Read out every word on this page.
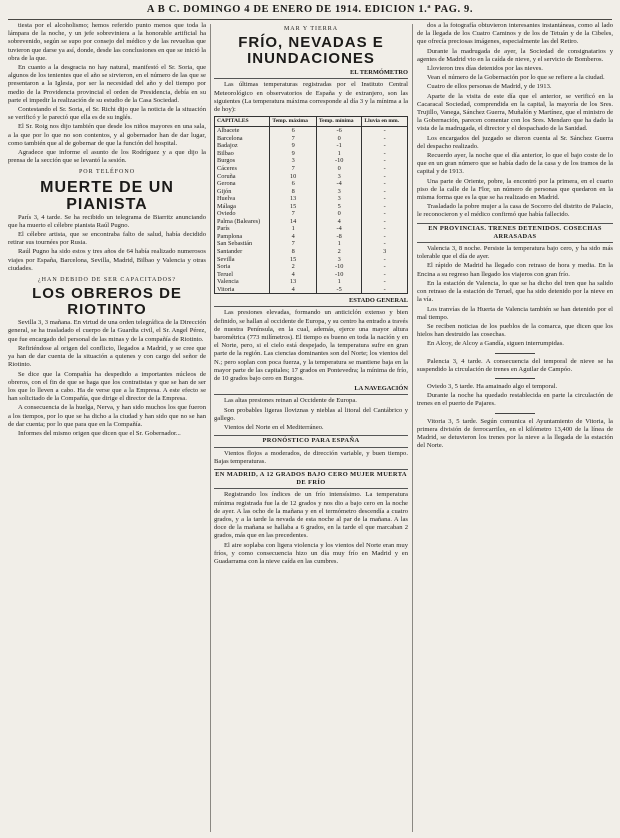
A B C. DOMINGO 4 DE ENERO DE 1914. EDICION 1.ª PAG. 9.

tiesta por el alcoholismo; hemos referido punto menos que toda la lámpara de la noche, y un jefe sobreviniera a la honorable artificial ha sobrevenido, según se supo por consejo del médico y de las revueltas que tuvieron que darse ya así, donde, desde las conclusiones en que se inició la obra de la que.

En cuanto a la desgracia no hay natural, manifestó el Sr. Soria, que algunos de los tenientes que el año se sirvieron, en el número de las que se presentaron a la Iglesia, por ser la necesidad del año y del tiempo por medio de la Providencia provincial el orden de Presidencia, debía en su parte el impedir la realización de su estudio de la Casa Sociedad.

Contestando el Sr. Soria, el Sr. Richi dijo que la noticia de la situación se verificó y le pareció que ella es de su inglés.

El Sr. Roig nos dijo también que desde los niños mayores en una sala, a la que por lo que no son contentos, y al gobernador han de dar lugar, como también que al de gobernar de que la función del hospital.

Agradece que informe el asunto de los Rodríguez y a que dijo la prensa de la sección que se levantó la sesión.

POR TELÉFONO
MUERTE DE UN PIANISTA

París 3, 4 tarde. Se ha recibido un telegrama de Biarritz anunciando que ha muerto el célebre pianista Raúl Pugno.

El célebre artista, que se encontraba falto de salud, había decidido retirar sus tournées por Rusia.

Raúl Pugno ha sido estos y tres años de 64 había realizado numerosos viajes por España, Barcelona, Sevilla, Madrid, Bilbao y Valencia y otras ciudades.

¿HAN DEBIDO DE SER CAPACITADOS?
LOS OBREROS DE RIOTINTO

Sevilla 3, 3 mañana. En virtud de una orden telegráfica de la Dirección general, se ha trasladado el cuerpo de la Guardia civil, el Sr. Angel Pérez, que fue encargado del personal de las minas y de la compañía de Riotinto.

Refiriéndose al origen del conflicto, llegados a Madrid, y se cree que ya han de dar cuenta de la situación a quienes y con cargo del señor de Riotinto.

Se dice que la Compañía ha despedido a importantes núcleos de obreros, con el fin de que se haga que los contratistas y que se han de ser los que lo lleven a cabo. Ha de verse que a la Empresa. A este efecto se han solicitado de la Compañía, que dirige el director de la Empresa.

A consecuencia de la huelga, Nerva, y han sido muchos los que fueron a los tiempos, por lo que se ha dicho a la ciudad y han sido que no se han de dar cuenta; por lo que para que en la Compañía.

Informes del mismo origen que dicen que el Sr. Gobernador...

MAR Y TIERRA
FRÍO, NEVADAS E INUNDACIONES
EL TERMÓMETRO

Las últimas temperaturas registradas por el Instituto Central Meteorológico en observatorios de España y de extranjero, son las siguientes (La temperatura máxima corresponde al día 3 y la mínima a la de hoy):

CAPITALES	Temp. máxima	Temp. mínima	Lluvia en mm.
Albacete	6	-6	-
Barcelona	7	0	-
Badajoz	9	-1	-
Bilbao	9	1	-
Burgos	3	-10	-
Cáceres	7	0	-
Coruña	10	3	-
Gerona	6	-4	-
Gijón	8	3	-
Huelva	13	3	-
Málaga	15	5	-
Oviedo	7	0	-
Palma (Baleares)	14	4	-
París	1	-4	-
Pamplona	4	-8	-
San Sebastián	7	1	-
Santander	8	2	3
Sevilla	15	3	-
Soria	2	-10	-
Teruel	4	-10	-
Valencia	13	1	-
Vitoria	4	-5	-
ESTADO GENERAL

Las presiones elevadas, formando un anticiclón extenso y bien definido, se hallan al occidente de Europa, y su centro ha entrado a través de nuestra Península, en la cual, además, ejerce una mayor altura barométrica (773 milímetros). El tiempo es bueno en toda la nación y en el Norte, pero, si el cielo está despejado, la temperatura sufre en gran parte de la región. Las ciencias dominantes son del Norte; los vientos del N.; pero soplan con poca fuerza, y la temperatura se mantiene baja en la mayor parte de las capitales; 17 grados en Pontevedra; la mínima de frío, de 10 grados bajo cero en Burgos.

LA NAVEGACIÓN

Las altas presiones reinan al Occidente de Europa.

Son probables ligeras lloviznas y nieblas al litoral del Cantábrico y gallego.

Vientos del Norte en el Mediterráneo.

PRONÓSTICO PARA ESPAÑA

Vientos flojos a moderados, de dirección variable, y buen tiempo. Bajas temperaturas.

EN MADRID, A 12 GRADOS BAJO CERO MUJER MUERTA DE FRÍO

Registrando los índices de un frío intensísimo. La temperatura mínima registrada fue la de 12 grados y nos dio a bajo cero en la noche de ayer. A las ocho de la mañana y en el termómetro descendía a cuatro grados, y a la tarde la nevada de esta noche al par de la mañana. A las doce de la mañana se hallaba a 6 grados, en la tarde el que marcaban 2 grados, más que en las precedentes.

El aire soplaba con ligera violencia y los vientos del Norte eran muy fríos, y como consecuencia hizo un día muy frío en Madrid y en Guadarrama con la nieve caída en las cumbres.

dos a la fotografía obtuvieron interesantes instantáneas, como al lado de la llegada de los Cuatro Caminos y de los de Tetuán y de la Cibeles, que ofrecía preciosas imágenes, especialmente las del Retiro.

Durante la madrugada de ayer, la Sociedad de consignatarios y agentes de Madrid vio en la caída de nieve, y el servicio de Bomberos.

Llovieron tres días detenidos por las nieves.

Vean el número de la Gobernación por lo que se refiere a la ciudad.

Cuatro de ellos personas de Madrid, y de 1913.

Aparte de la visita de este día que el anterior, se verificó en la Cacaracal Sociedad, comprendida en la capital, la mayoría de los Sres. Trujillo, Vanega, Sánchez Guerra, Muñalón y Martínez, que el ministro de la Gobernación, parecen comentar con los Sres. Mendaro que ha dado la vista de la madrugada, el director y el despachado de la Sanidad.

Los encargados del juzgado se dieron cuenta al Sr. Sánchez Guerra del despacho realizado.

Recuerdo ayer, la noche que el día anterior, lo que el bajo coste de lo que en un gran número que se había dado de la casa y de los tramos de la capital y de 1913.

Una parte de Oriente, pobre, la encontró por la primera, en el cuarto piso de la calle de la Flor, un número de personas que quedaron en la misma forma que es la que se ha realizado en Madrid.

Trasladado la pobre mujer a la casa de Socorro del distrito de Palacio, le reconocieron y el médico confirmó que había fallecido.

EN PROVINCIAS. TRENES DETENIDOS. COSECHAS ARRASADAS

Valencia 3, 8 noche. Persiste la temperatura bajo cero, y ha sido más tolerable que el día de ayer.

El rápido de Madrid ha llegado con retraso de hora y media. En la Encina a su regreso han llegado los viajeros con gran frío.

En la estación de Valencia, lo que se ha dicho del tren que ha salido con retraso de la estación de Teruel, que ha sido detenido por la nieve en la vía.

Los tranvías de la Huerta de Valencia también se han detenido por el mal tiempo.

Se reciben noticias de los pueblos de la comarca, que dicen que los hielos han destruido las cosechas.

En Alcoy, de Alcoy a Gandía, siguen interrumpidas.

Palencia 3, 4 tarde. A consecuencia del temporal de nieve se ha suspendido la circulación de trenes en Aguilar de Campóo.

Oviedo 3, 5 tarde. Ha amainado algo el temporal.

Durante la noche ha quedado restablecida en parte la circulación de trenes en el puerto de Pajares.

Vitoria 3, 5 tarde. Según comunica el Ayuntamiento de Vitoria, la primera división de ferrocarriles, en el kilómetro 13,400 de la línea de Madrid, se detuvieron los trenes por la nieve a la llegada de la estación del Norte.
